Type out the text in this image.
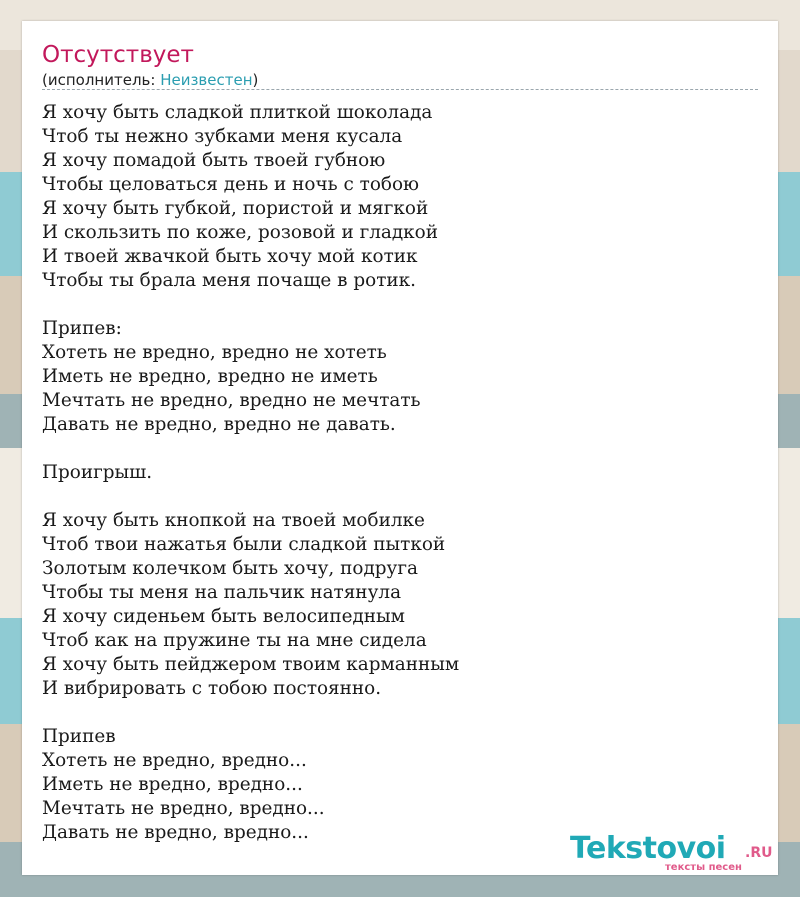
Отсутствует
(исполнитель: Неизвестен)
Я хочу быть сладкой плиткой шоколада
Чтоб ты нежно зубками меня кусала
Я хочу помадой быть твоей губною
Чтобы целоваться день и ночь с тобою
Я хочу быть губкой, пористой и мягкой
И скользить по коже, розовой и гладкой
И твоей жвачкой быть хочу мой котик
Чтобы ты брала меня почаще в ротик.
Припев:
Хотеть не вредно, вредно не хотеть
Иметь не вредно, вредно не иметь
Мечтать не вредно, вредно не мечтать
Давать не вредно, вредно не давать.
Проигрыш.
Я хочу быть кнопкой на твоей мобилке
Чтоб твои нажатья были сладкой пыткой
Золотым колечком быть хочу, подруга
Чтобы ты меня на пальчик натянула
Я хочу сиденьем быть велосипедным
Чтоб как на пружине ты на мне сидела
Я хочу быть пейджером твоим карманным
И вибрировать с тобою постоянно.
Припев
Хотеть не вредно, вредно...
Иметь не вредно, вредно...
Мечтать не вредно, вредно...
Давать не вредно, вредно...	Tekstovoi .RU
тексты песен
